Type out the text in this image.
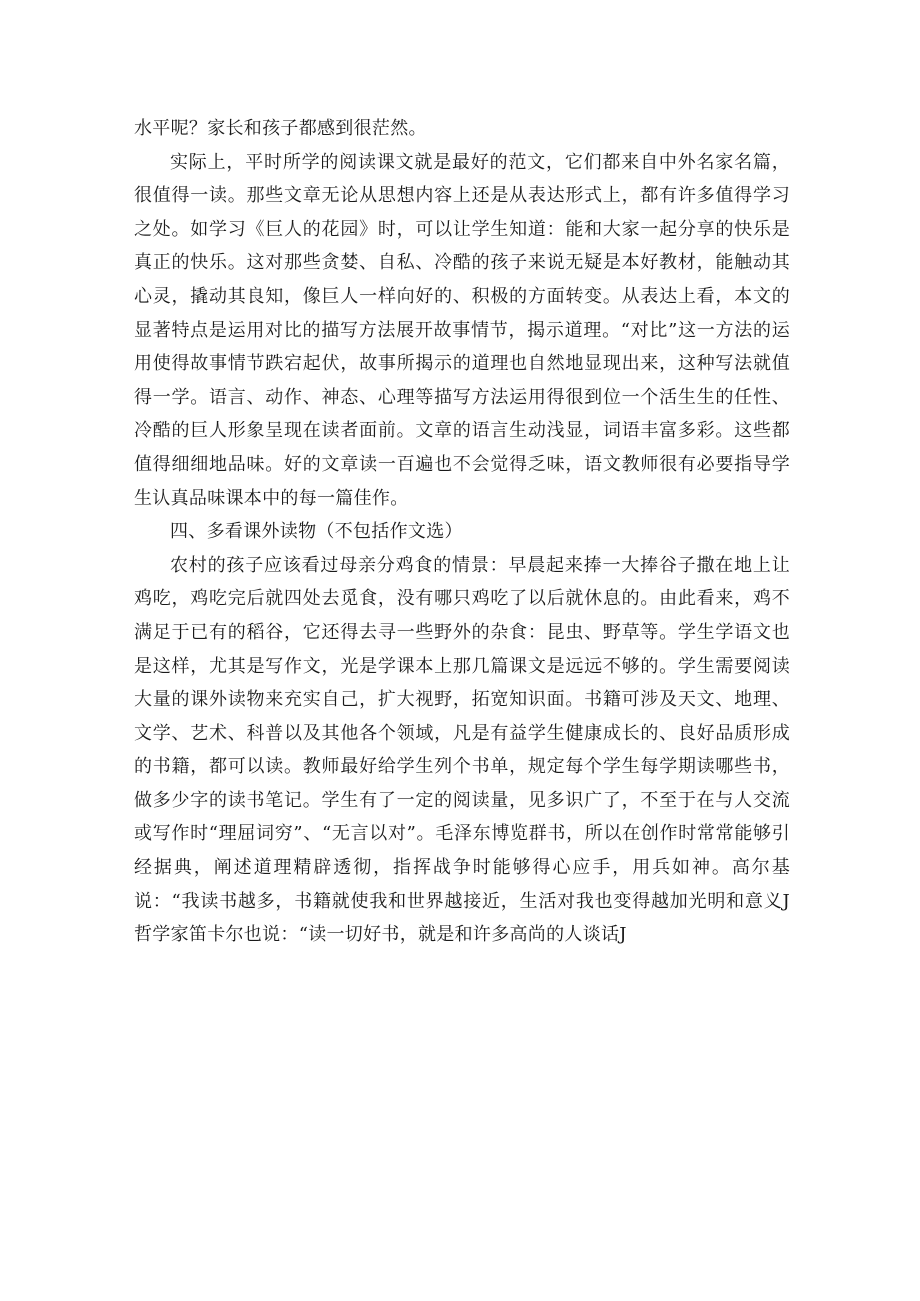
水平呢？家长和孩子都感到很茫然。

实际上，平时所学的阅读课文就是最好的范文，它们都来自中外名家名篇，很值得一读。那些文章无论从思想内容上还是从表达形式上，都有许多值得学习之处。如学习《巨人的花园》时，可以让学生知道：能和大家一起分享的快乐是真正的快乐。这对那些贪婪、自私、冷酷的孩子来说无疑是本好教材，能触动其心灵，撬动其良知，像巨人一样向好的、积极的方面转变。从表达上看，本文的显著特点是运用对比的描写方法展开故事情节，揭示道理。“对比”这一方法的运用使得故事情节跌宕起伏，故事所揭示的道理也自然地显现出来，这种写法就值得一学。语言、动作、神态、心理等描写方法运用得很到位一个活生生的任性、冷酷的巨人形象呈现在读者面前。文章的语言生动浅显，词语丰富多彩。这些都值得细细地品味。好的文章读一百遍也不会觉得乏味，语文教师很有必要指导学生认真品味课本中的每一篇佳作。

四、多看课外读物（不包括作文选）

农村的孩子应该看过母亲分鸡食的情景：早晨起来捧一大捧谷子撒在地上让鸡吃，鸡吃完后就四处去觅食，没有哪只鸡吃了以后就休息的。由此看来，鸡不满足于已有的稻谷，它还得去寻一些野外的杂食：昆虫、野草等。学生学语文也是这样，尤其是写作文，光是学课本上那几篇课文是远远不够的。学生需要阅读大量的课外读物来充实自己，扩大视野，拓宽知识面。书籍可涉及天文、地理、文学、艺术、科普以及其他各个领域，凡是有益学生健康成长的、良好品质形成的书籍，都可以读。教师最好给学生列个书单，规定每个学生每学期读哪些书，做多少字的读书笔记。学生有了一定的阅读量，见多识广了，不至于在与人交流或写作时“理屈词穷”、“无言以对”。毛泽东博览群书，所以在创作时常常能够引经据典，阐述道理精辟透彻，指挥战争时能够得心应手，用兵如神。高尔基说：“我读书越多，书籍就使我和世界越接近，生活对我也变得越加光明和意义J哲学家笛卡尔也说：“读一切好书，就是和许多高尚的人谈话J
